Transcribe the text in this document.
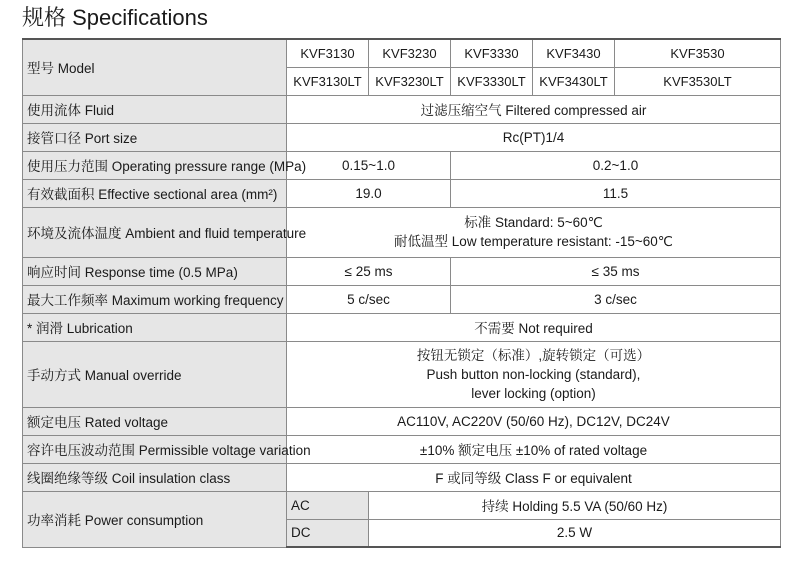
规格 Specifications
型号 Model	KVF3130	KVF3230	KVF3330	KVF3430	KVF3530
	KVF3130LT	KVF3230LT	KVF3330LT	KVF3430LT	KVF3530LT
使用流体 Fluid	过滤压缩空气 Filtered compressed air				
接管口径 Port size	Rc(PT)1/4				
使用压力范围 Operating pressure range (MPa)	0.15~1.0		0.2~1.0		
有效截面积 Effective sectional area (mm²)	19.0		11.5		
环境及流体温度 Ambient and fluid temperature	标准 Standard: 5~60℃
耐低温型 Low temperature resistant: -15~60℃				

响应时间 Response time (0.5 MPa)	≤ 25 ms		≤ 35 ms		
最大工作频率 Maximum working frequency	5 c/sec		3 c/sec		
* 润滑 Lubrication	不需要 Not required				
手动方式 Manual override	按钮无锁定（标准）,旋转锁定（可选）
Push button non-locking (standard),
lever locking (option)				

额定电压 Rated voltage	AC110V, AC220V (50/60 Hz), DC12V, DC24V				
容许电压波动范围 Permissible voltage variation	±10% 额定电压 ±10% of rated voltage				
线圈绝缘等级 Coil insulation class	F 或同等级 Class F or equivalent				
功率消耗 Power consumption	AC	持续 Holding 5.5 VA (50/60 Hz)			
	DC	2.5 W			
